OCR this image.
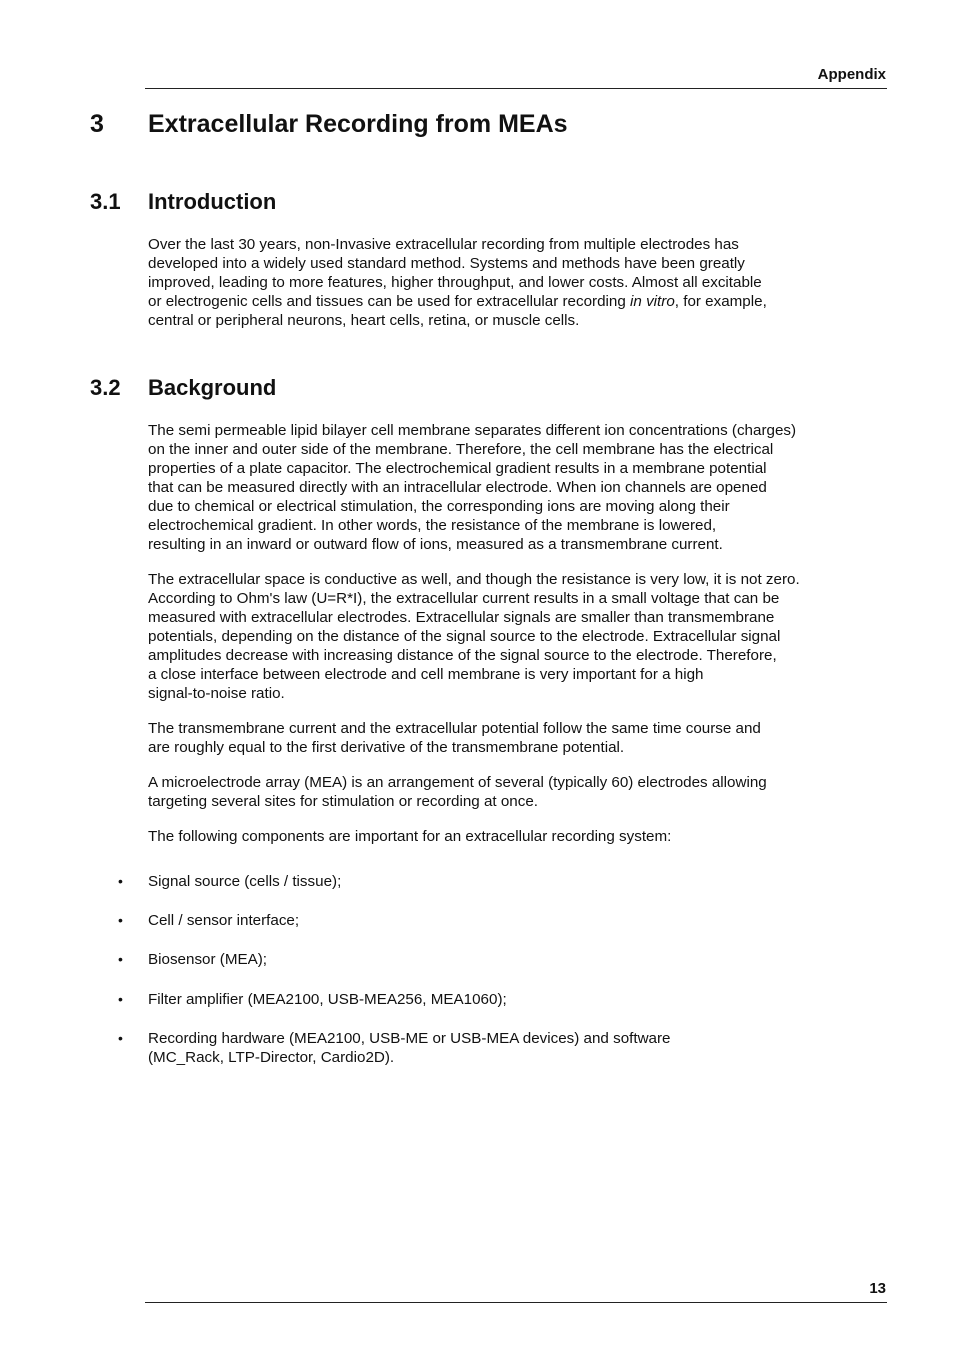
Appendix
3 Extracellular Recording from MEAs
3.1 Introduction

Over the last 30 years, non-Invasive extracellular recording from multiple electrodes has
developed into a widely used standard method. Systems and methods have been greatly
improved, leading to more features, higher throughput, and lower costs. Almost all excitable
or electrogenic cells and tissues can be used for extracellular recording in vitro, for example,
central or peripheral neurons, heart cells, retina, or muscle cells.

3.2 Background

The semi permeable lipid bilayer cell membrane separates different ion concentrations (charges)
on the inner and outer side of the membrane. Therefore, the cell membrane has the electrical
properties of a plate capacitor. The electrochemical gradient results in a membrane potential
that can be measured directly with an intracellular electrode. When ion channels are opened
due to chemical or electrical stimulation, the corresponding ions are moving along their
electrochemical gradient. In other words, the resistance of the membrane is lowered,
resulting in an inward or outward flow of ions, measured as a transmembrane current.

The extracellular space is conductive as well, and though the resistance is very low, it is not zero.
According to Ohm's law (U=R*I), the extracellular current results in a small voltage that can be
measured with extracellular electrodes. Extracellular signals are smaller than transmembrane
potentials, depending on the distance of the signal source to the electrode. Extracellular signal
amplitudes decrease with increasing distance of the signal source to the electrode. Therefore,
a close interface between electrode and cell membrane is very important for a high
signal-to-noise ratio.

The transmembrane current and the extracellular potential follow the same time course and
are roughly equal to the first derivative of the transmembrane potential.

A microelectrode array (MEA) is an arrangement of several (typically 60) electrodes allowing
targeting several sites for stimulation or recording at once.

The following components are important for an extracellular recording system:

• Signal source (cells / tissue);
• Cell / sensor interface;
• Biosensor (MEA);
• Filter amplifier (MEA2100, USB-MEA256, MEA1060);
• Recording hardware (MEA2100, USB-ME or USB-MEA devices) and software
(MC_Rack, LTP-Director, Cardio2D).
13
